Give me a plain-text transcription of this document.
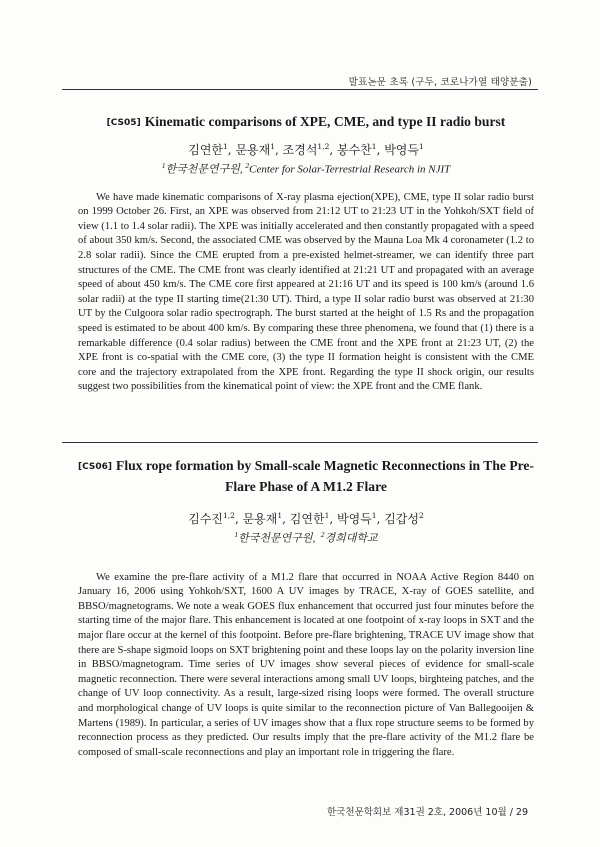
발표논문 초록 (구두, 코로나가열 태양분출)
[CS05] Kinematic comparisons of XPE, CME, and type II radio burst
김연한$^1$, 문용재$^1$, 조경석$^{1,2}$, 봉수찬$^1$, 박영득$^1$
$^1$한국천문연구원, $^2$Center for Solar-Terrestrial Research in NJIT

We have made kinematic comparisons of X-ray plasma ejection(XPE), CME, type II solar radio burst on 1999 October 26. First, an XPE was observed from 21:12 UT to 21:23 UT in the Yohkoh/SXT field of view (1.1 to 1.4 solar radii). The XPE was initially accelerated and then constantly propagated with a speed of about 350 km/s. Second, the associated CME was observed by the Mauna Loa Mk 4 coronameter (1.2 to 2.8 solar radii). Since the CME erupted from a pre-existed helmet-streamer, we can identify three part structures of the CME. The CME front was clearly identified at 21:21 UT and propagated with an average speed of about 450 km/s. The CME core first appeared at 21:16 UT and its speed is 100 km/s (around 1.6 solar radii) at the type II starting time(21:30 UT). Third, a type II solar radio burst was observed at 21:30 UT by the Culgoora solar radio spectrograph. The burst started at the height of 1.5 Rs and the propagation speed is estimated to be about 400 km/s. By comparing these three phenomena, we found that (1) there is a remarkable difference (0.4 solar radius) between the CME front and the XPE front at 21:23 UT, (2) the XPE front is co-spatial with the CME core, (3) the type II formation height is consistent with the CME core and the trajectory extrapolated from the XPE front. Regarding the type II shock origin, our results suggest two possibilities from the kinematical point of view: the XPE front and the CME flank.

[CS06] Flux rope formation by Small-scale Magnetic Reconnections in The Pre-Flare Phase of A M1.2 Flare
김수진$^{1,2}$, 문용재$^1$, 김연한$^1$, 박영득$^1$, 김갑성$^2$
$^1$한국천문연구원,  $^2$경희대학교

We examine the pre-flare activity of a M1.2 flare that occurred in NOAA Active Region 8440 on January 16, 2006 using Yohkoh/SXT, 1600 A UV images by TRACE, X-ray of GOES satellite, and BBSO/magnetograms. We note a weak GOES flux enhancement that occurred just four minutes before the starting time of the major flare. This enhancement is located at one footpoint of x-ray loops in SXT and the major flare occur at the kernel of this footpoint. Before pre-flare brightening, TRACE UV image show that there are S-shape sigmoid loops on SXT brightening point and these loops lay on the polarity inversion line in BBSO/magnetogram. Time series of UV images show several pieces of evidence for small-scale magnetic reconnection. There were several interactions among small UV loops, birghteing patches, and the change of UV loop connectivity. As a result, large-sized rising loops were formed. The overall structure and morphological change of UV loops is quite similar to the reconnection picture of Van Ballegooijen & Martens (1989). In particular, a series of UV images show that a flux rope structure seems to be formed by reconnection process as they predicted. Our results imply that the pre-flare activity of the M1.2 flare be composed of small-scale reconnections and play an important role in triggering the flare.

한국천문학회보 제31권 2호, 2006년 10월 / 29
